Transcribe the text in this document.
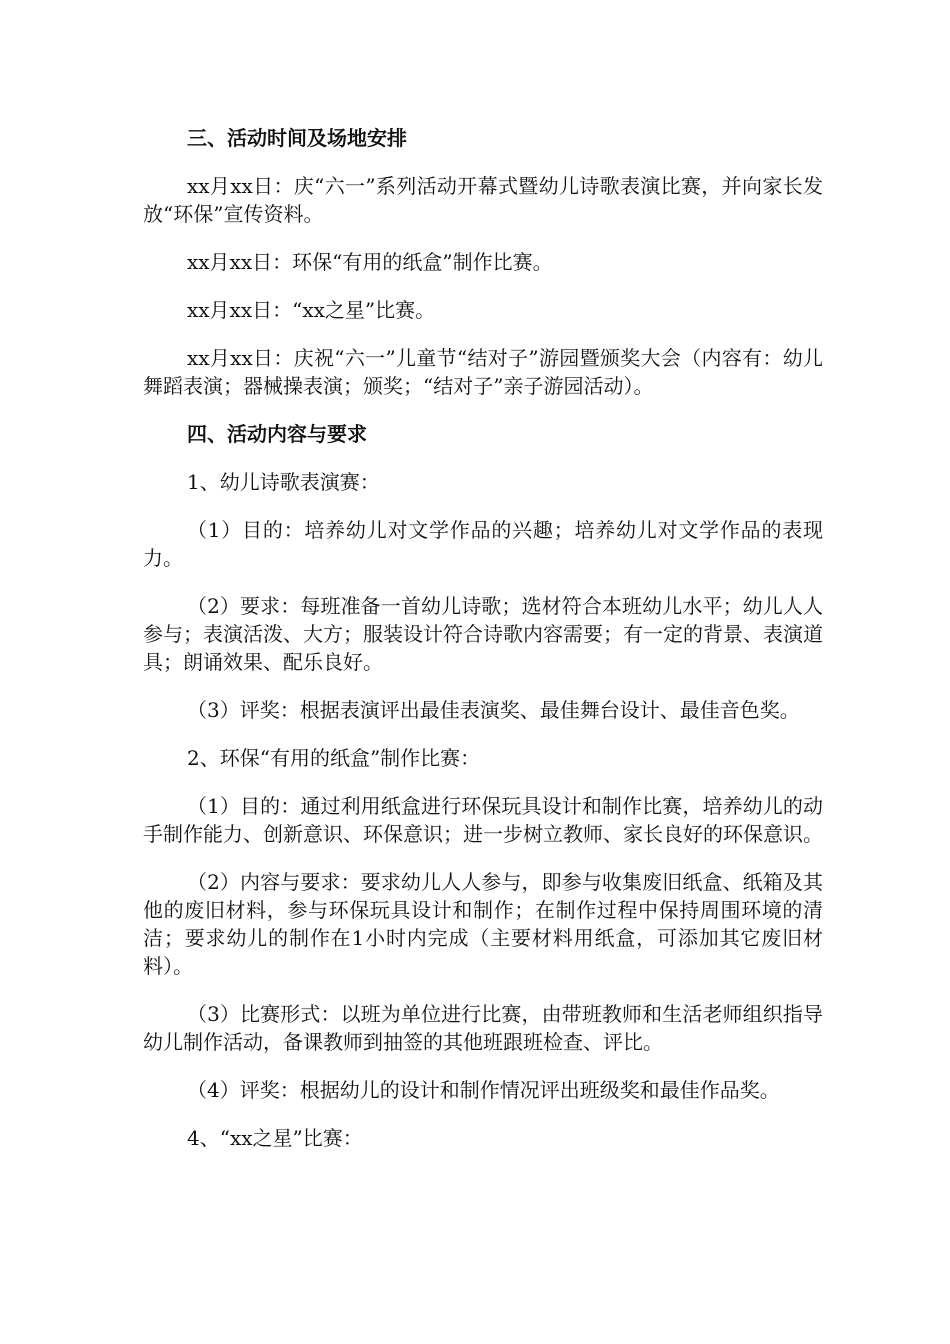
三、活动时间及场地安排

xx月xx日：庆“六一”系列活动开幕式暨幼儿诗歌表演比赛，并向家长发放“环保”宣传资料。

xx月xx日：环保“有用的纸盒”制作比赛。

xx月xx日：“xx之星”比赛。

xx月xx日：庆祝“六一”儿童节“结对子”游园暨颁奖大会（内容有：幼儿舞蹈表演；器械操表演；颁奖；“结对子”亲子游园活动）。

四、活动内容与要求

1、幼儿诗歌表演赛：

（1）目的：培养幼儿对文学作品的兴趣；培养幼儿对文学作品的表现力。

（2）要求：每班准备一首幼儿诗歌；选材符合本班幼儿水平；幼儿人人参与；表演活泼、大方；服装设计符合诗歌内容需要；有一定的背景、表演道具；朗诵效果、配乐良好。

（3）评奖：根据表演评出最佳表演奖、最佳舞台设计、最佳音色奖。

2、环保“有用的纸盒”制作比赛：

（1）目的：通过利用纸盒进行环保玩具设计和制作比赛，培养幼儿的动手制作能力、创新意识、环保意识；进一步树立教师、家长良好的环保意识。

（2）内容与要求：要求幼儿人人参与，即参与收集废旧纸盒、纸箱及其他的废旧材料，参与环保玩具设计和制作；在制作过程中保持周围环境的清洁；要求幼儿的制作在1小时内完成（主要材料用纸盒，可添加其它废旧材料）。

（3）比赛形式：以班为单位进行比赛，由带班教师和生活老师组织指导幼儿制作活动，备课教师到抽签的其他班跟班检查、评比。

（4）评奖：根据幼儿的设计和制作情况评出班级奖和最佳作品奖。

4、“xx之星”比赛：
